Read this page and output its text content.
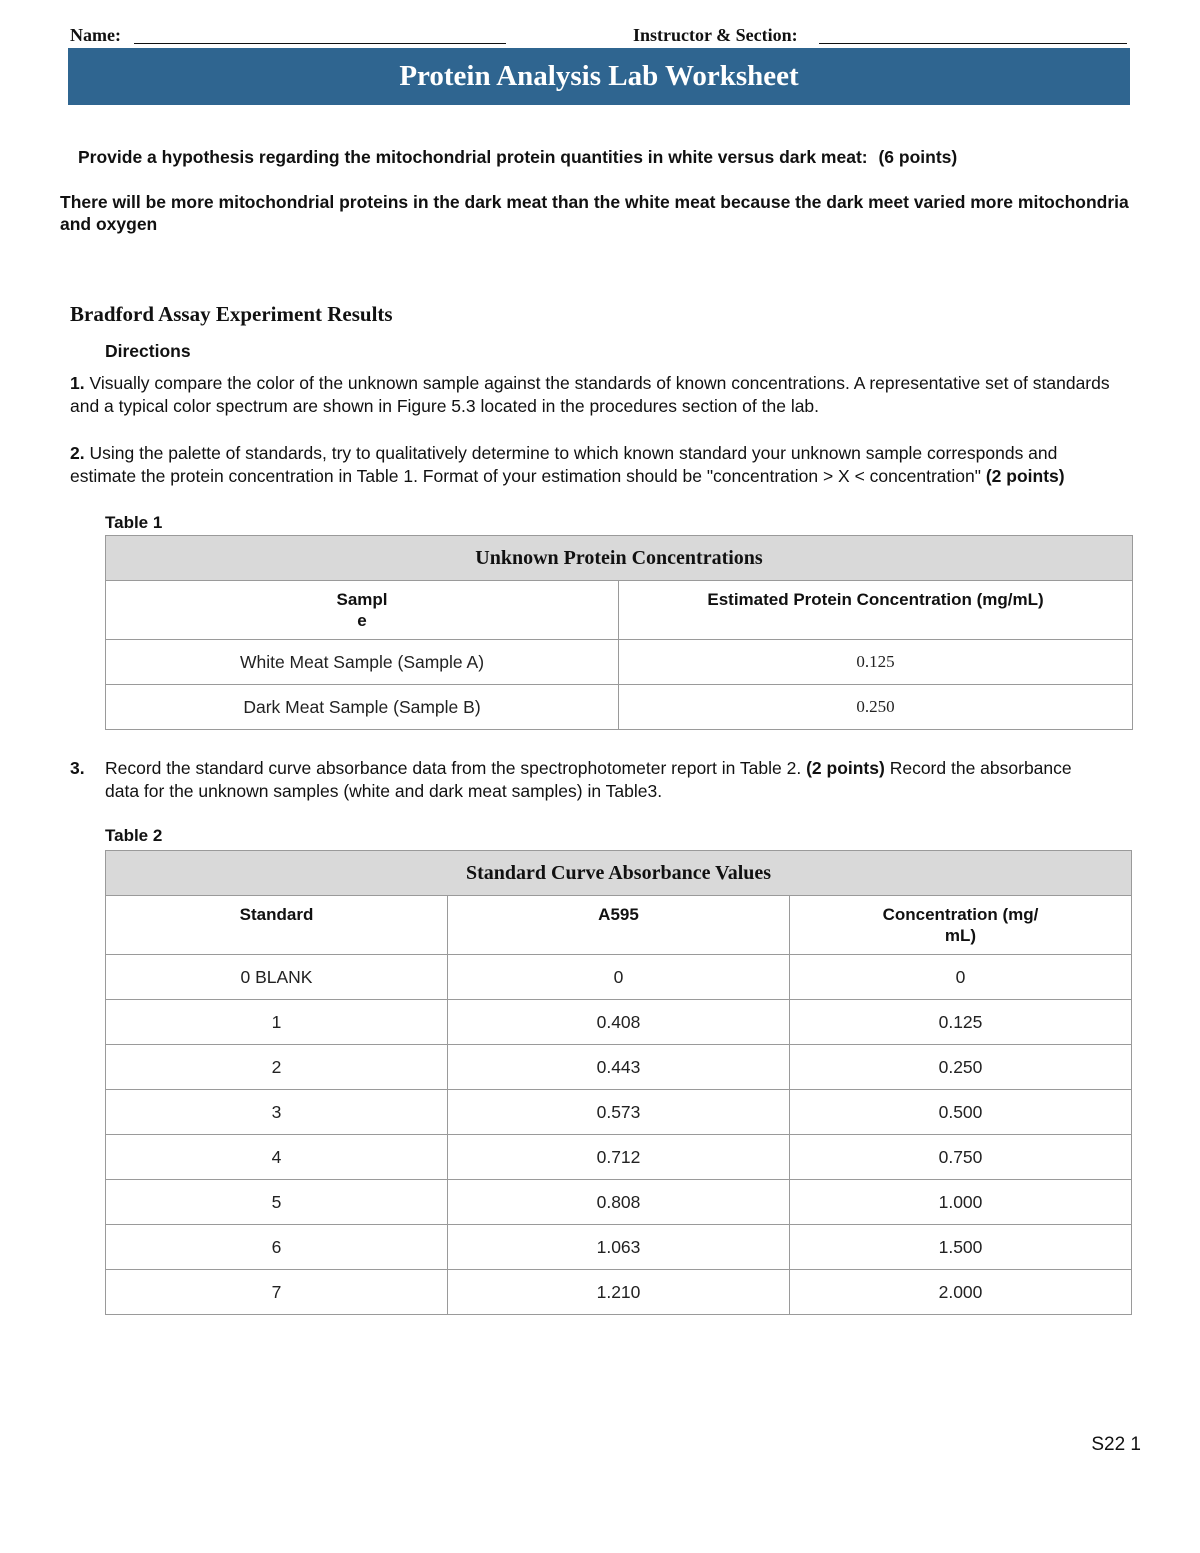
Name:	Instructor & Section:
Protein Analysis Lab Worksheet
Provide a hypothesis regarding the mitochondrial protein quantities in white versus dark meat: (6 points)
There will be more mitochondrial proteins in the dark meat than the white meat because the dark meet varied more mitochondria and oxygen
Bradford Assay Experiment Results
Directions
1. Visually compare the color of the unknown sample against the standards of known concentrations. A representative set of standards and a typical color spectrum are shown in Figure 5.3 located in the procedures section of the lab.
2. Using the palette of standards, try to qualitatively determine to which known standard your unknown sample corresponds and estimate the protein concentration in Table 1. Format of your estimation should be "concentration > X < concentration" (2 points)
Table 1
Unknown Protein Concentrations	
Sampl
e	Estimated Protein Concentration (mg/mL)
White Meat Sample (Sample A)	0.125
Dark Meat Sample (Sample B)	0.250
3.	Record the standard curve absorbance data from the spectrophotometer report in Table 2. (2 points) Record the absorbance data for the unknown samples (white and dark meat samples) in Table3.
Table 2
Standard Curve Absorbance Values		
Standard	A595	Concentration (mg/
mL)
0 BLANK	0	0
1	0.408	0.125
2	0.443	0.250
3	0.573	0.500
4	0.712	0.750
5	0.808	1.000
6	1.063	1.500
7	1.210	2.000
S22 1
